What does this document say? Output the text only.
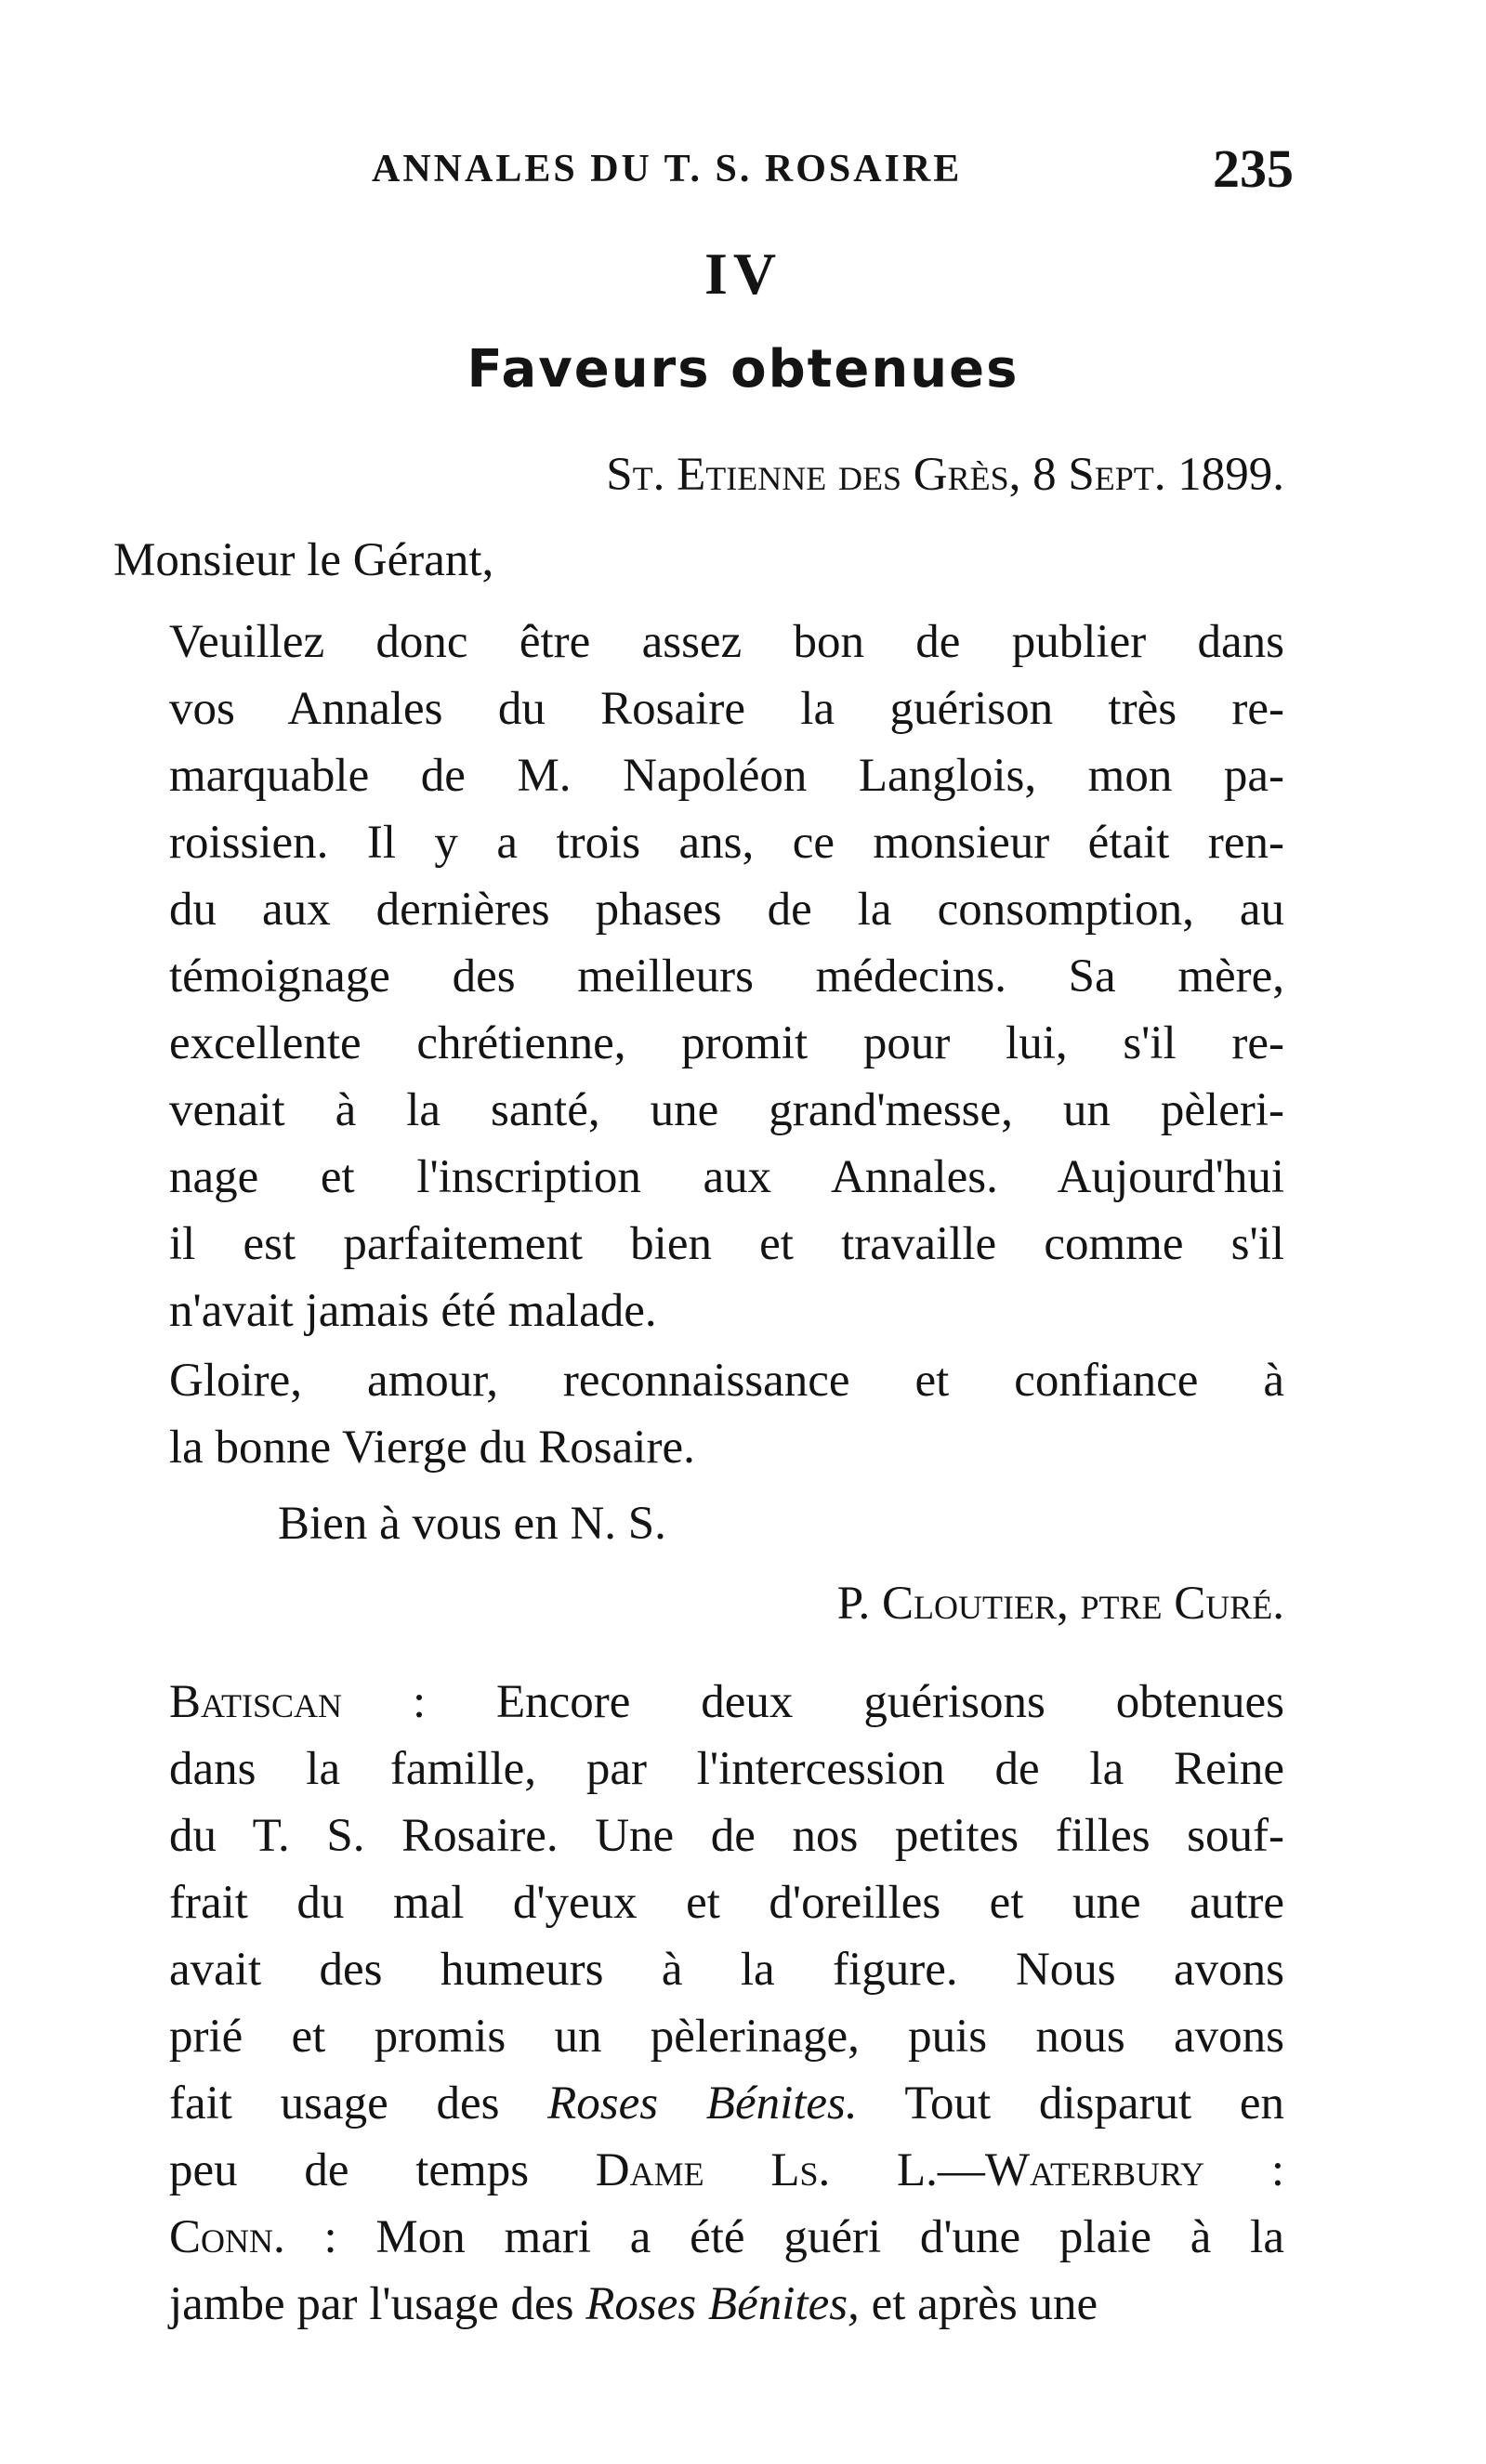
ANNALES DU T. S. ROSAIRE	235
IV
Faveurs obtenues
St. Etienne des Grès, 8 Sept. 1899.
Monsieur le Gérant,
Veuillez donc être assez bon de publier dans
vos Annales du Rosaire la guérison très re-
marquable de M. Napoléon Langlois, mon pa-
roissien. Il y a trois ans, ce monsieur était ren-
du aux dernières phases de la consomption, au
témoignage des meilleurs médecins. Sa mère,
excellente chrétienne, promit pour lui, s'il re-
venait à la santé, une grand'messe, un pèleri-
nage et l'inscription aux Annales. Aujourd'hui
il est parfaitement bien et travaille comme s'il
n'avait jamais été malade.
Gloire, amour, reconnaissance et confiance à
la bonne Vierge du Rosaire.
Bien à vous en N. S.
P. Cloutier, ptre Curé.
Batiscan : Encore deux guérisons obtenues
dans la famille, par l'intercession de la Reine
du T. S. Rosaire. Une de nos petites filles souf-
frait du mal d'yeux et d'oreilles et une autre
avait des humeurs à la figure. Nous avons
prié et promis un pèlerinage, puis nous avons
fait usage des Roses Bénites. Tout disparut en
peu de temps Dame Ls. L.—Waterbury :
Conn. : Mon mari a été guéri d'une plaie à la
jambe par l'usage des Roses Bénites, et après une
